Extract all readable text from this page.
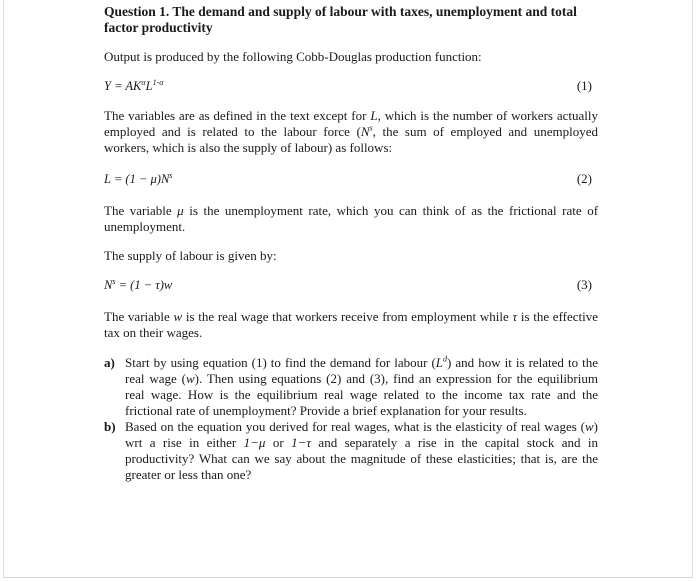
Question 1. The demand and supply of labour with taxes, unemployment and total factor productivity
Output is produced by the following Cobb-Douglas production function:
$Y = AK^\alpha L^{1-\alpha}$	(1)
The variables are as defined in the text except for L, which is the number of workers actually employed and is related to the labour force ($N^s$, the sum of employed and unemployed workers, which is also the supply of labour) as follows:
$L = (1 - \mu)N^s$	(2)
The variable μ is the unemployment rate, which you can think of as the frictional rate of unemployment.
The supply of labour is given by:
$N^s = (1 - \tau)w$	(3)
The variable w is the real wage that workers receive from employment while τ is the effective tax on their wages.
a) Start by using equation (1) to find the demand for labour $(L^d)$ and how it is related to the real wage (w). Then using equations (2) and (3), find an expression for the equilibrium real wage. How is the equilibrium real wage related to the income tax rate and the frictional rate of unemployment? Provide a brief explanation for your results.
b) Based on the equation you derived for real wages, what is the elasticity of real wages (w) wrt a rise in either 1−μ or 1−τ and separately a rise in the capital stock and in productivity? What can we say about the magnitude of these elasticities; that is, are the greater or less than one?
